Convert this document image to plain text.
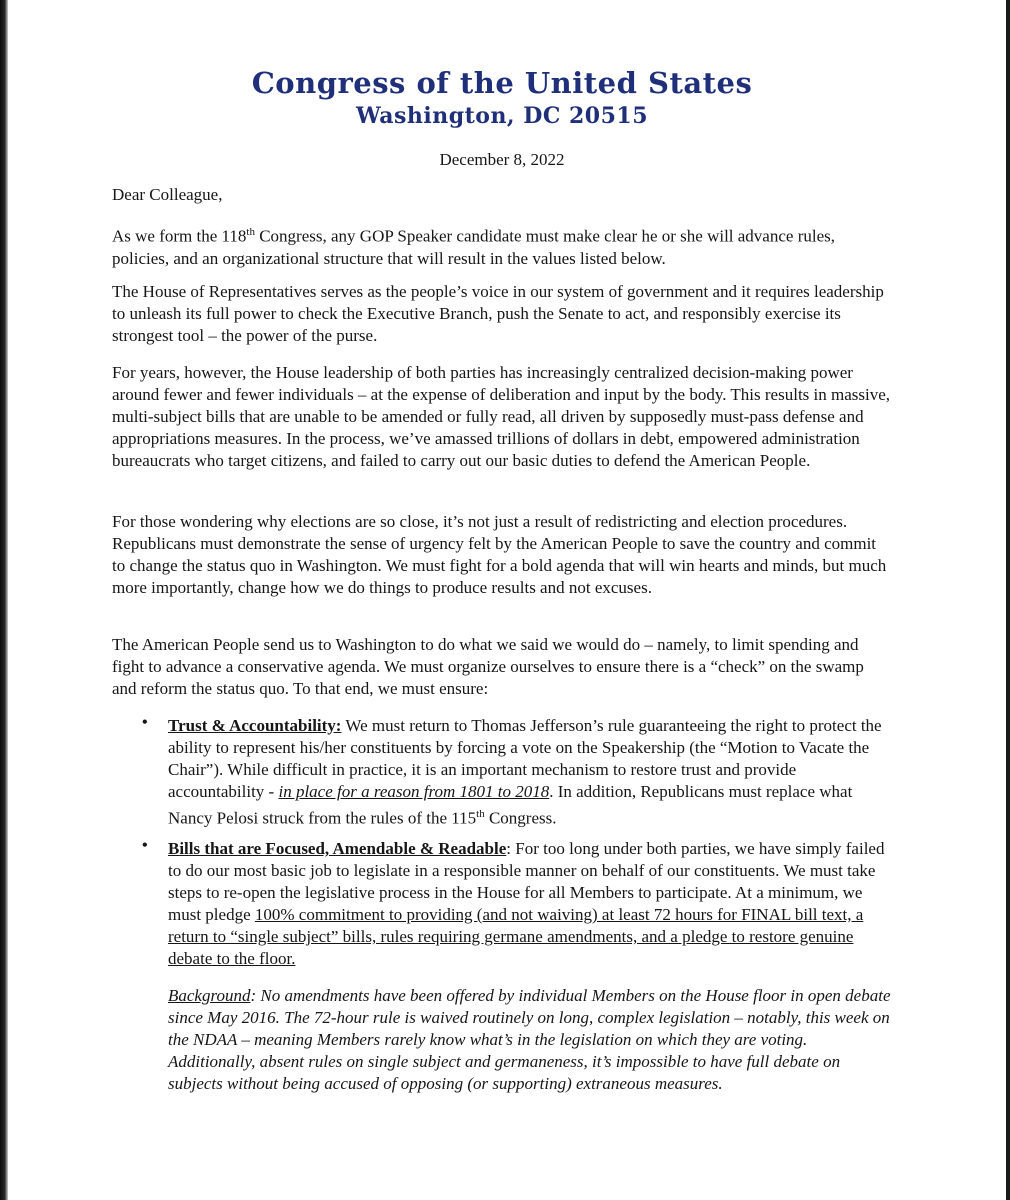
Congress of the United States
Washington, DC 20515
December 8, 2022
Dear Colleague,
As we form the 118th Congress, any GOP Speaker candidate must make clear he or she will advance rules, policies, and an organizational structure that will result in the values listed below.
The House of Representatives serves as the people’s voice in our system of government and it requires leadership to unleash its full power to check the Executive Branch, push the Senate to act, and responsibly exercise its strongest tool – the power of the purse.
For years, however, the House leadership of both parties has increasingly centralized decision-making power around fewer and fewer individuals – at the expense of deliberation and input by the body. This results in massive, multi-subject bills that are unable to be amended or fully read, all driven by supposedly must-pass defense and appropriations measures. In the process, we’ve amassed trillions of dollars in debt, empowered administration bureaucrats who target citizens, and failed to carry out our basic duties to defend the American People.
For those wondering why elections are so close, it’s not just a result of redistricting and election procedures. Republicans must demonstrate the sense of urgency felt by the American People to save the country and commit to change the status quo in Washington. We must fight for a bold agenda that will win hearts and minds, but much more importantly, change how we do things to produce results and not excuses.
The American People send us to Washington to do what we said we would do – namely, to limit spending and fight to advance a conservative agenda. We must organize ourselves to ensure there is a “check” on the swamp and reform the status quo. To that end, we must ensure:
• Trust & Accountability: We must return to Thomas Jefferson’s rule guaranteeing the right to protect the ability to represent his/her constituents by forcing a vote on the Speakership (the “Motion to Vacate the Chair”). While difficult in practice, it is an important mechanism to restore trust and provide accountability - in place for a reason from 1801 to 2018. In addition, Republicans must replace what Nancy Pelosi struck from the rules of the 115th Congress.
• Bills that are Focused, Amendable & Readable: For too long under both parties, we have simply failed to do our most basic job to legislate in a responsible manner on behalf of our constituents. We must take steps to re-open the legislative process in the House for all Members to participate. At a minimum, we must pledge 100% commitment to providing (and not waiving) at least 72 hours for FINAL bill text, a return to “single subject” bills, rules requiring germane amendments, and a pledge to restore genuine debate to the floor.
Background: No amendments have been offered by individual Members on the House floor in open debate since May 2016. The 72-hour rule is waived routinely on long, complex legislation – notably, this week on the NDAA – meaning Members rarely know what’s in the legislation on which they are voting. Additionally, absent rules on single subject and germaneness, it’s impossible to have full debate on subjects without being accused of opposing (or supporting) extraneous measures.
